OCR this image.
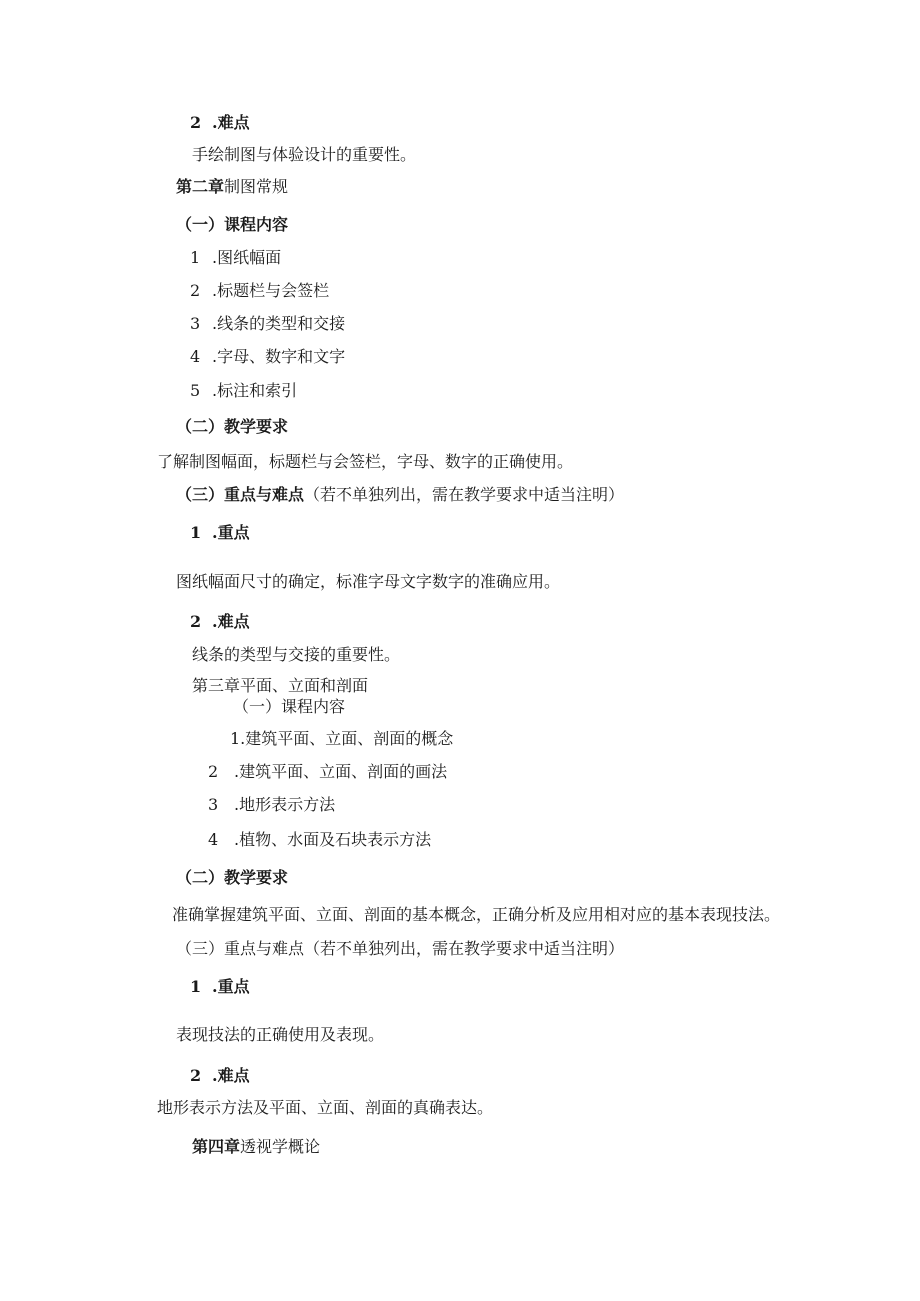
2 .难点
手绘制图与体验设计的重要性。
第二章制图常规
（一）课程内容
1 .图纸幅面
2 .标题栏与会签栏
3 .线条的类型和交接
4 .字母、数字和文字
5 .标注和索引
（二）教学要求
了解制图幅面，标题栏与会签栏，字母、数字的正确使用。
（三）重点与难点（若不单独列出，需在教学要求中适当注明）
1 .重点
图纸幅面尺寸的确定，标准字母文字数字的准确应用。
2 .难点
线条的类型与交接的重要性。
第三章平面、立面和剖面
（一）课程内容
1.建筑平面、立面、剖面的概念
2 .建筑平面、立面、剖面的画法
3 .地形表示方法
4 .植物、水面及石块表示方法
（二）教学要求
准确掌握建筑平面、立面、剖面的基本概念，正确分析及应用相对应的基本表现技法。
（三）重点与难点（若不单独列出，需在教学要求中适当注明）
1 .重点
表现技法的正确使用及表现。
2 .难点
地形表示方法及平面、立面、剖面的真确表达。
第四章透视学概论
